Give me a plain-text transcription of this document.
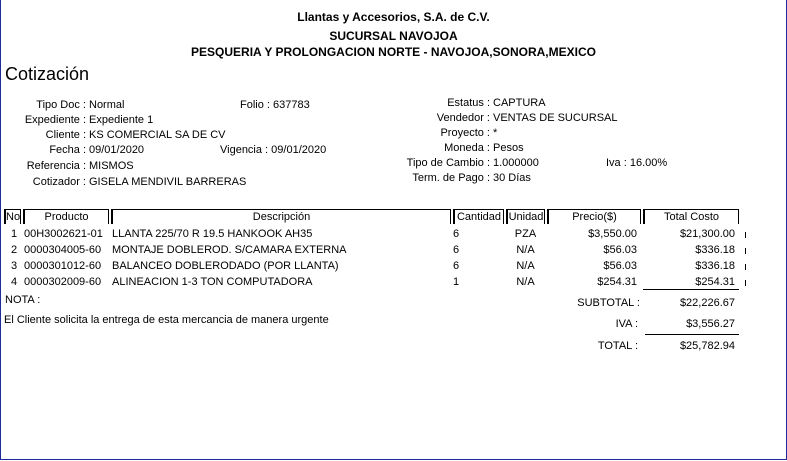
Llantas y Accesorios, S.A. de C.V.
SUCURSAL NAVOJOA
PESQUERIA Y PROLONGACION NORTE - NAVOJOA,SONORA,MEXICO
Cotización
Tipo Doc : Normal
Expediente : Expediente 1
Cliente : KS COMERCIAL SA DE CV
Fecha : 09/01/2020
Referencia : MISMOS
Cotizador : GISELA MENDIVIL BARRERAS
Folio : 637783
Vigencia : 09/01/2020
Estatus : CAPTURA
Vendedor : VENTAS DE SUCURSAL
Proyecto : *
Moneda : Pesos
Tipo de Cambio : 1.000000
Term. de Pago : 30 Días
Iva : 16.00%
No	Producto	Descripción	Cantidad Unidad	Precio($)	Total Costo
1 00H3002621-01 LLANTA 225/70 R 19.5 HANKOOK AH35	6	PZA	$3,550.00	$21,300.00
2 0000304005-60 MONTAJE DOBLEROD. S/CAMARA EXTERNA	6	N/A	$56.03	$336.18
3 0000301012-60 BALANCEO DOBLERODADO (POR LLANTA)	6	N/A	$56.03	$336.18
4 0000302009-60 ALINEACION 1-3 TON COMPUTADORA	1	N/A	$254.31	$254.31
NOTA :
El Cliente solicita la entrega de esta mercancia de manera urgente
SUBTOTAL :	$22,226.67
IVA :	$3,556.27
TOTAL :	$25,782.94
